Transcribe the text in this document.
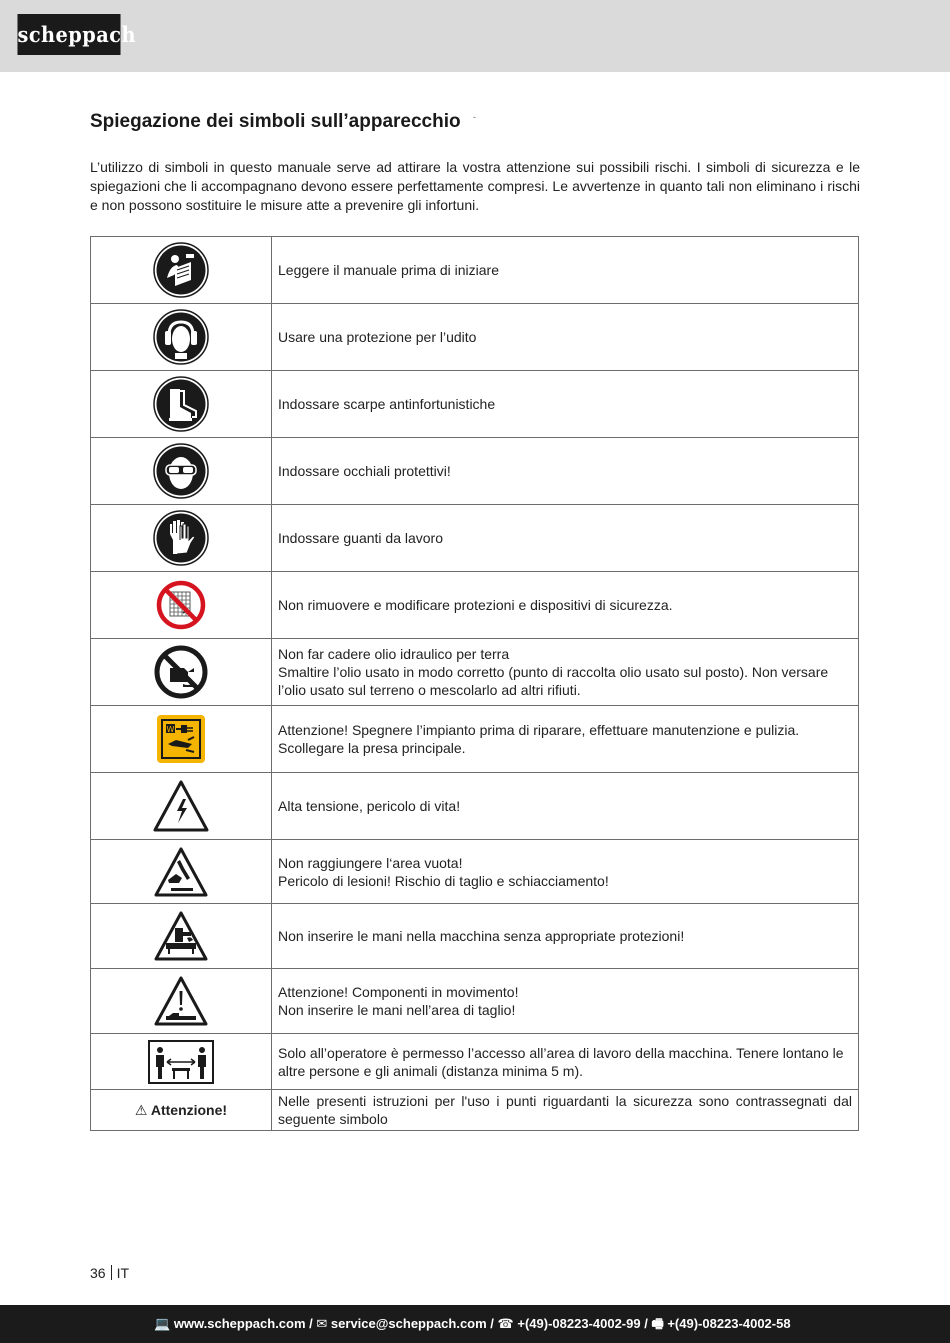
scheppach
Spiegazione dei simboli sull’apparecchio -

L’utilizzo di simboli in questo manuale serve ad attirare la vostra attenzione sui possibili rischi. I simboli di sicurezza e le spiegazioni che li accompagnano devono essere perfettamente compresi. Le avvertenze in quanto tali non eliminano i rischi e non possono sostituire le misure atte a prevenire gli infortuni.

Leggere il manuale prima di iniziare

Usare una protezione per l’udito

Indossare scarpe antinfortunistiche

Indossare occhiali protettivi!

Indossare guanti da lavoro

Non rimuovere e modificare protezioni e dispositivi di sicurezza.

Non far cadere olio idraulico per terra
Smaltire l’olio usato in modo corretto (punto di raccolta olio usato sul posto). Non versare l’olio usato sul terreno o mescolarlo ad altri rifiuti.

W	Attenzione! Spegnere l’impianto prima di riparare, effettuare manutenzione e pulizia.
Scollegare la presa principale.

Alta tensione, pericolo di vita!

Non raggiungere l‘area vuota!
Pericolo di lesioni! Rischio di taglio e schiacciamento!

Non inserire le mani nella macchina senza appropriate protezioni!

Attenzione! Componenti in movimento!
Non inserire le mani nell’area di taglio!

Solo all’operatore è permesso l’accesso all’area di lavoro della macchina. Tenere lontano le altre persone e gli animali (distanza minima 5 m).

⚠ Attenzione!	Nelle presenti istruzioni per l'uso i punti riguardanti la sicurezza sono contrassegnati dal seguente simbolo
36 IT
💻 www.scheppach.com / ✉ service@scheppach.com / ☎ +(49)-08223-4002-99 / 🖷 +(49)-08223-4002-58
